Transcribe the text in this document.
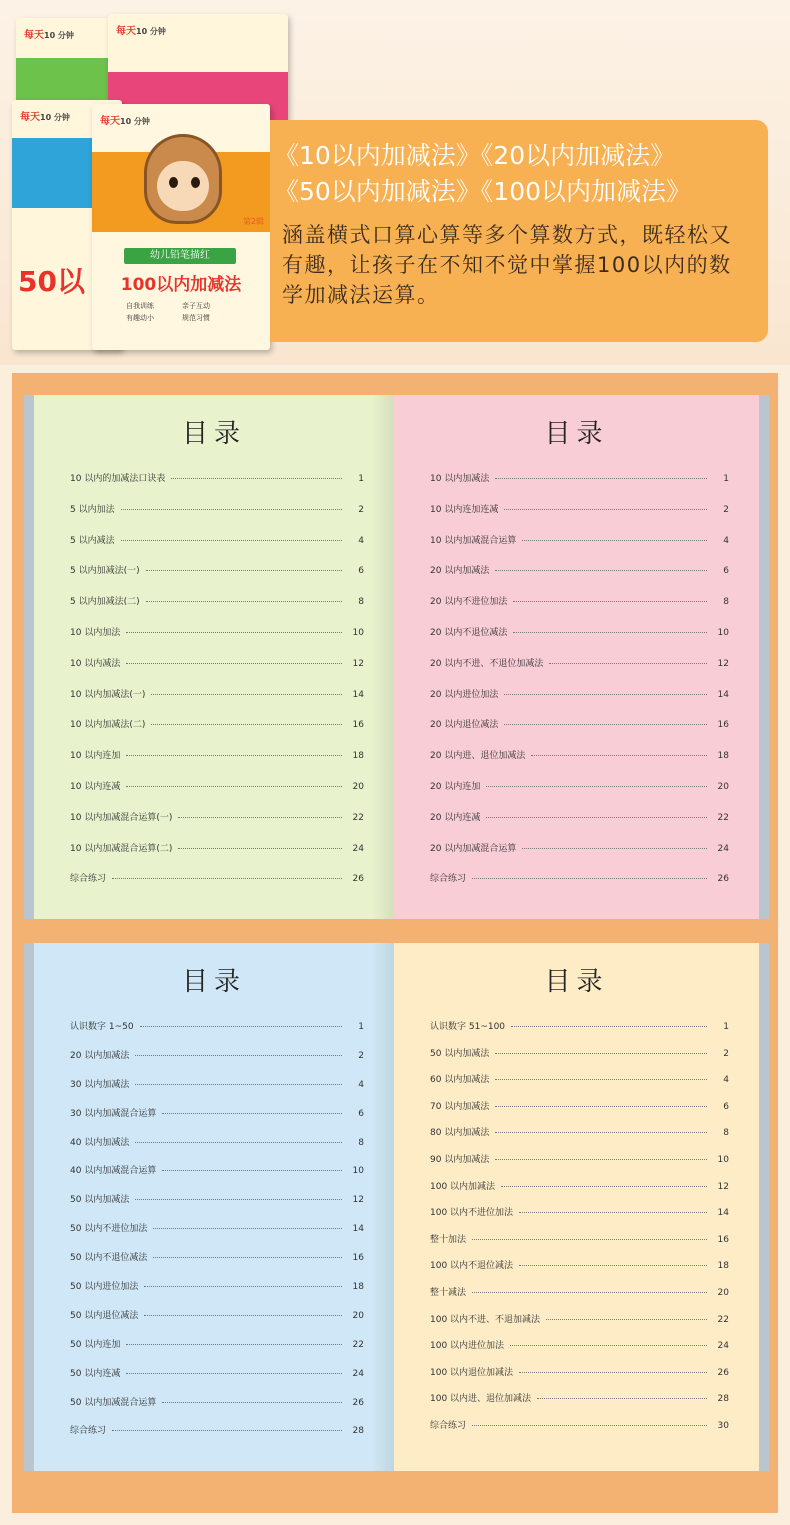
每天10 分钟	每天10 分钟
每天10 分钟
50以
每天10 分钟
第2辑
幼儿铅笔描红
100以内加减法
自我训练	亲子互动有趣动小	规范习惯
《10以内加减法》《20以内加减法》
《50以内加减法》《100以内加减法》
涵盖横式口算心算等多个算数方式，既轻松又有趣，让孩子在不知不觉中掌握100以内的数学加减法运算。
目录
10 以内的加减法口诀表	1
5 以内加法	2
5 以内减法	4
5 以内加减法(一)	6
5 以内加减法(二)	8
10 以内加法	10
10 以内减法	12
10 以内加减法(一)	14
10 以内加减法(二)	16
10 以内连加	18
10 以内连减	20
10 以内加减混合运算(一)	22
10 以内加减混合运算(二)	24
综合练习	26
目录
10 以内加减法	1
10 以内连加连减	2
10 以内加减混合运算	4
20 以内加减法	6
20 以内不进位加法	8
20 以内不退位减法	10
20 以内不进、不退位加减法	12
20 以内进位加法	14
20 以内退位减法	16
20 以内进、退位加减法	18
20 以内连加	20
20 以内连减	22
20 以内加减混合运算	24
综合练习	26
目录
认识数字 1~50	1
20 以内加减法	2
30 以内加减法	4
30 以内加减混合运算	6
40 以内加减法	8
40 以内加减混合运算	10
50 以内加减法	12
50 以内不进位加法	14
50 以内不退位减法	16
50 以内进位加法	18
50 以内退位减法	20
50 以内连加	22
50 以内连减	24
50 以内加减混合运算	26
综合练习	28
目录
认识数字 51~100	1
50 以内加减法	2
60 以内加减法	4
70 以内加减法	6
80 以内加减法	8
90 以内加减法	10
100 以内加减法	12
100 以内不进位加法	14
整十加法	16
100 以内不退位减法	18
整十减法	20
100 以内不进、不退加减法	22
100 以内进位加法	24
100 以内退位加减法	26
100 以内进、退位加减法	28
综合练习	30
